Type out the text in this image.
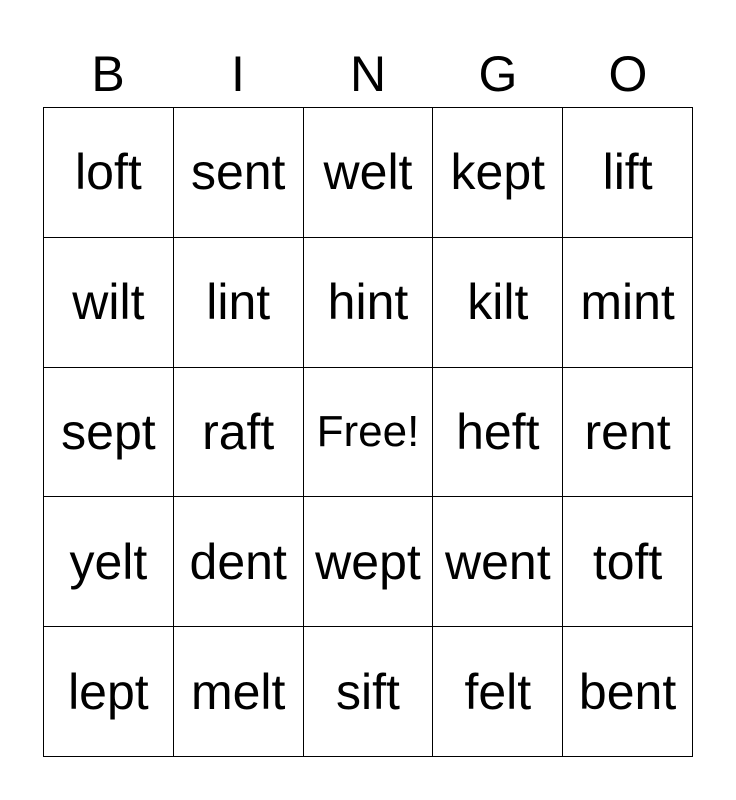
B	I	N	G	O
loft sent welt kept	lift
wilt	lint	hint	kilt	mint
sept raft Free! heft rent
yelt dent wept went toft
lept melt	sift	felt bent
